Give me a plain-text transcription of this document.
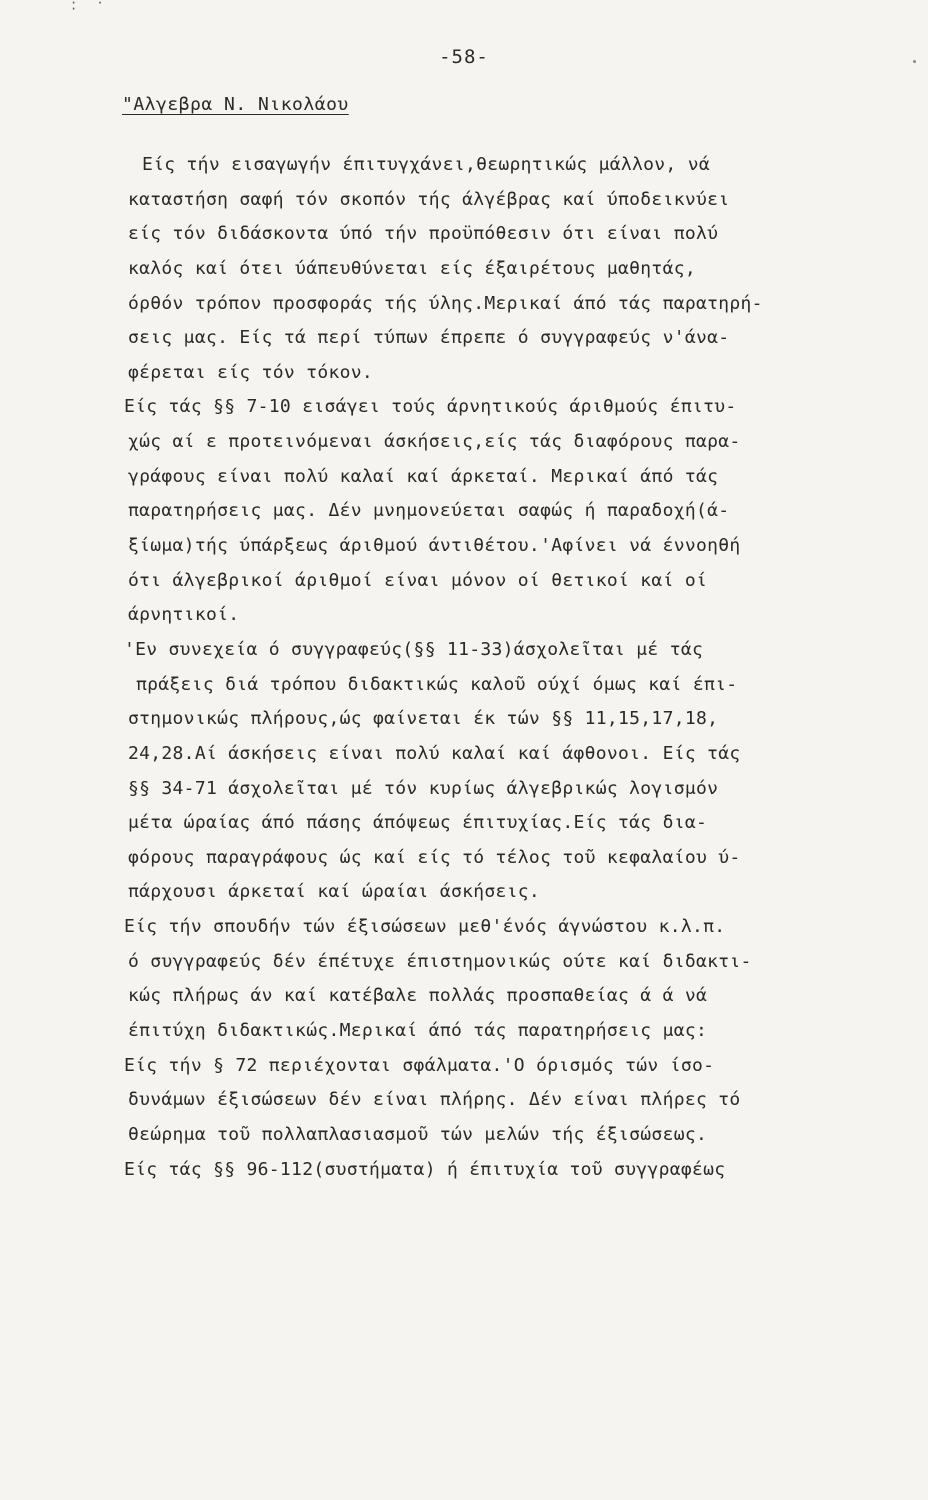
· · ·
-58-
"Αλγεβρα Ν. Νικολάου
Είς τήν εισαγωγήν έπιτυγχάνει,θεωρητικώς μάλλον, νά
καταστήση σαφή τόν σκοπόν τής άλγέβρας καί ύποδεικνύει
είς τόν διδάσκοντα ύπό τήν προϋπόθεσιν ότι είναι πολύ
καλός καί ότει ύάπευθύνεται είς έξαιρέτους μαθητάς,
όρθόν τρόπον προσφοράς τής ύλης.Μερικαί άπό τάς παρατηρή-
σεις μας. Είς τά περί τύπων έπρεπε ό συγγραφεύς ν'άνα-
φέρεται είς τόν τόκον.
Είς τάς §§ 7-10 εισάγει τούς άρνητικούς άριθμούς έπιτυ-
χώς αί ε προτεινόμεναι άσκήσεις,είς τάς διαφόρους παρα-
γράφους είναι πολύ καλαί καί άρκεταί. Μερικαί άπό τάς
παρατηρήσεις μας. Δέν μνημονεύεται σαφώς ή παραδοχή(ά-
ξίωμα)τής ύπάρξεως άριθμού άντιθέτου.'Αφίνει νά έννοηθή
ότι άλγεβρικοί άριθμοί είναι μόνον οί θετικοί καί οί
άρνητικοί.
'Εν συνεχεία ό συγγραφεύς(§§ 11-33)άσχολεῖται μέ τάς
πράξεις διά τρόπου διδακτικώς καλοῦ ούχί όμως καί έπι-
στημονικώς πλήρους,ώς φαίνεται έκ τών §§ 11,15,17,18,
24,28.Αί άσκήσεις είναι πολύ καλαί καί άφθονοι. Είς τάς
§§ 34-71 άσχολεῖται μέ τόν κυρίως άλγεβρικώς λογισμόν
μέτα ώραίας άπό πάσης άπόψεως έπιτυχίας.Είς τάς δια-
φόρους παραγράφους ώς καί είς τό τέλος τοῦ κεφαλαίου ύ-
πάρχουσι άρκεταί καί ώραίαι άσκήσεις.
Είς τήν σπουδήν τών έξισώσεων μεθ'ένός άγνώστου κ.λ.π.
ό συγγραφεύς δέν έπέτυχε έπιστημονικώς ούτε καί διδακτι-
κώς πλήρως άν καί κατέβαλε πολλάς προσπαθείας ά ά νά
έπιτύχη διδακτικώς.Μερικαί άπό τάς παρατηρήσεις μας:
Είς τήν § 72 περιέχονται σφάλματα.'Ο όρισμός τών ίσο-
δυνάμων έξισώσεων δέν είναι πλήρης. Δέν είναι πλήρες τό
θεώρημα τοῦ πολλαπλασιασμοῦ τών μελών τής έξισώσεως.
Είς τάς §§ 96-112(συστήματα) ή έπιτυχία τοῦ συγγραφέως
